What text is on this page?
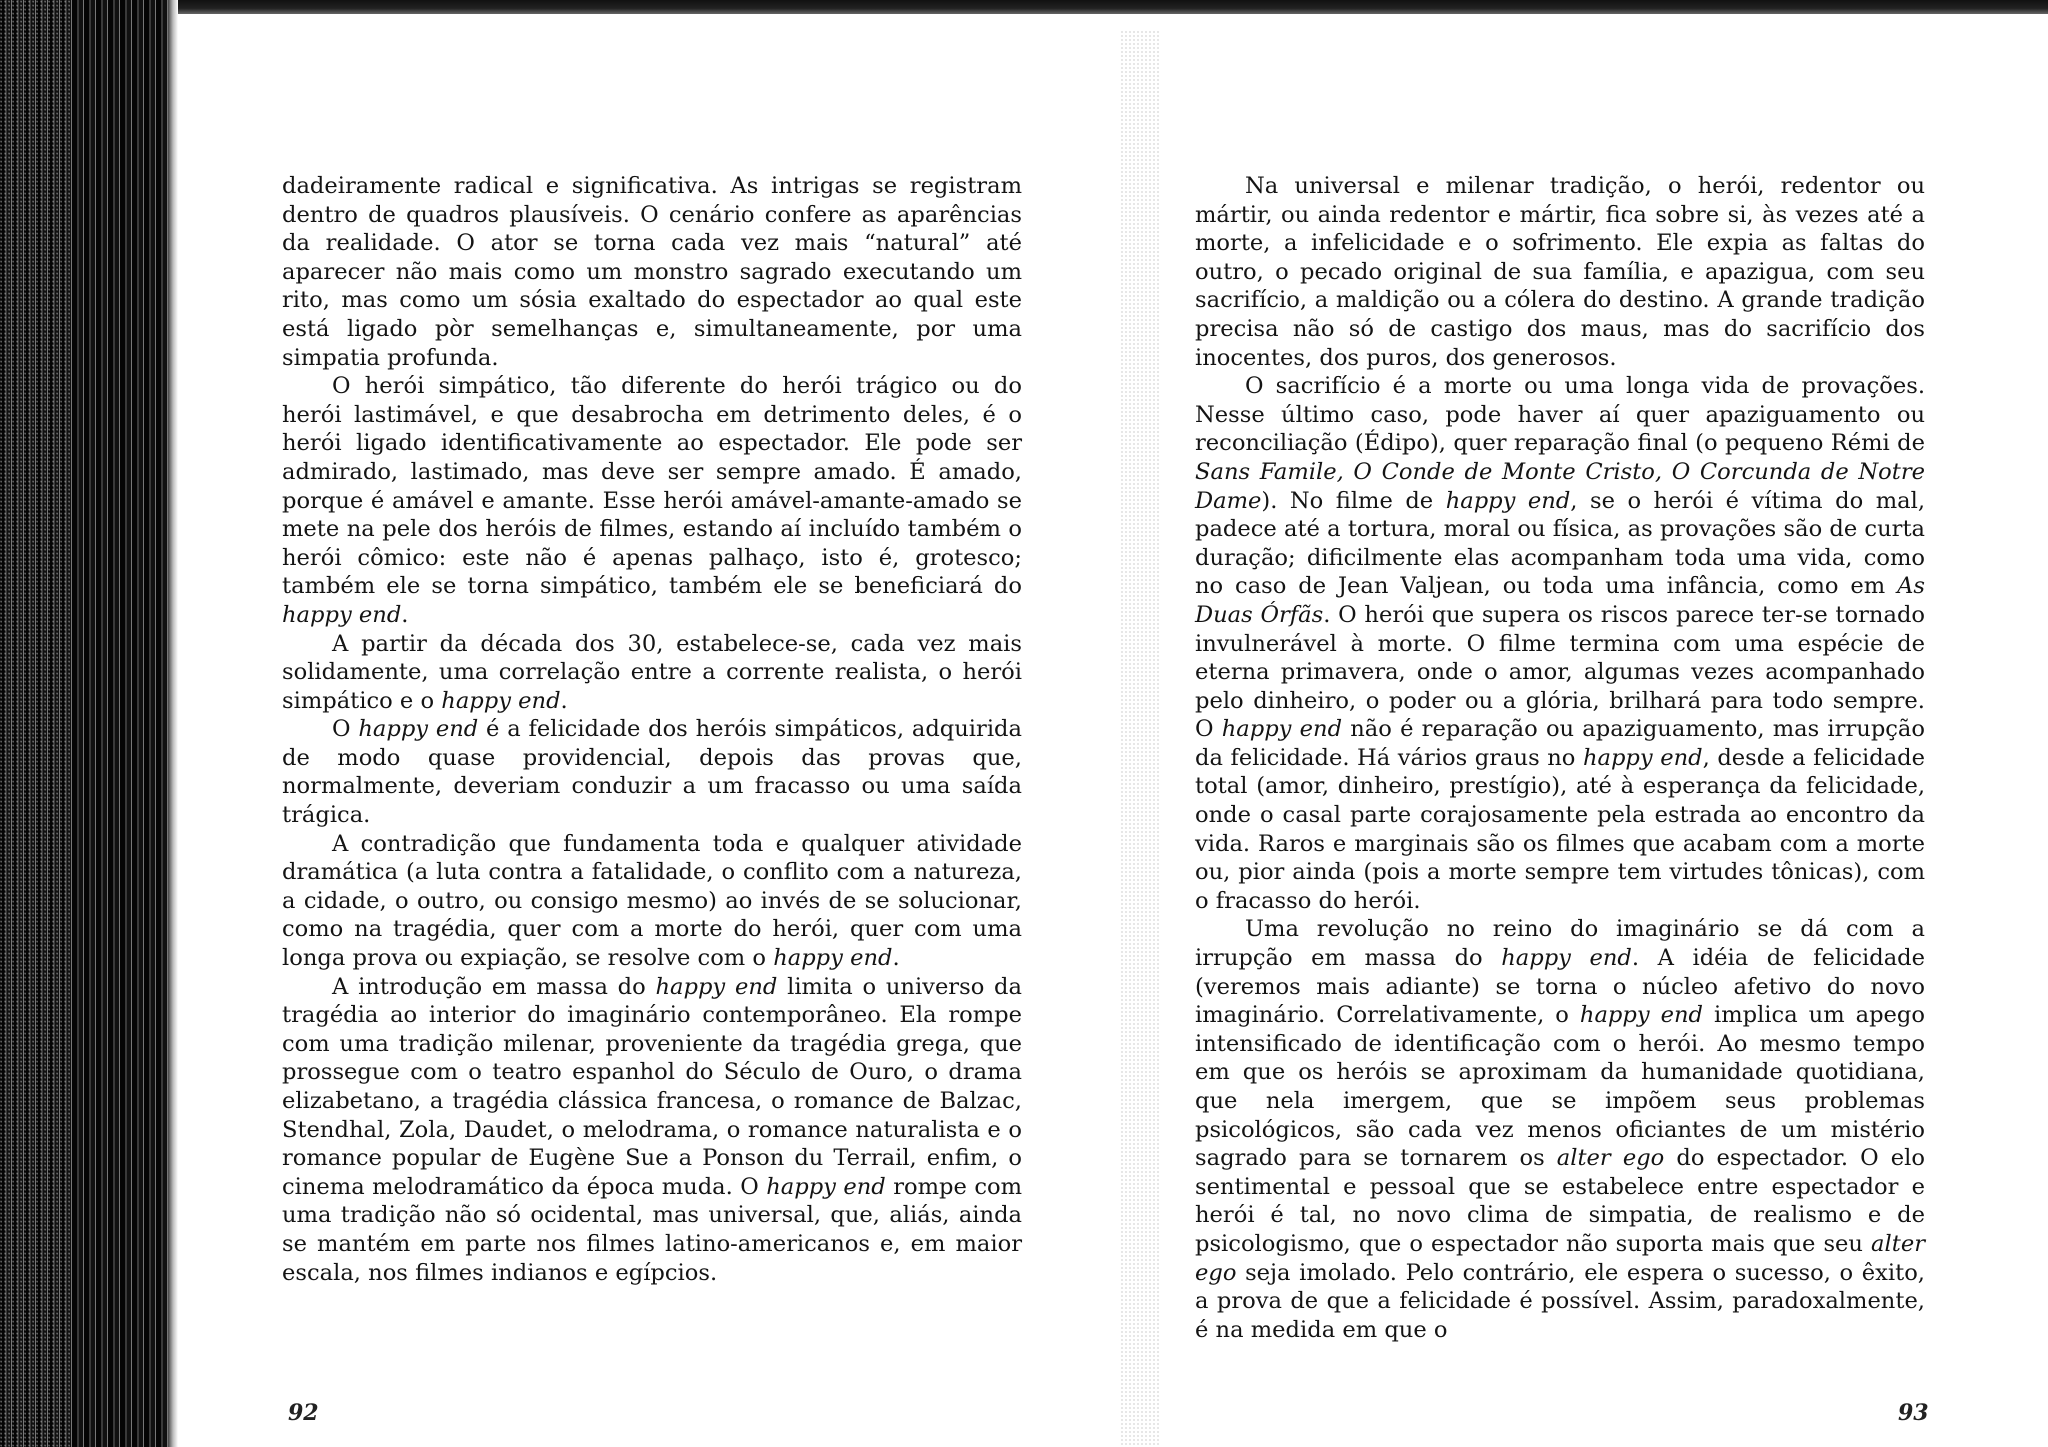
dadeiramente radical e significativa. As intrigas se registram dentro de quadros plausíveis. O cenário confere as aparências da realidade. O ator se torna cada vez mais “natural” até aparecer não mais como um monstro sagrado executando um rito, mas como um sósia exaltado do espectador ao qual este está ligado pòr semelhanças e, simultaneamente, por uma simpatia profunda.

O herói simpático, tão diferente do herói trágico ou do herói lastimável, e que desabrocha em detrimento deles, é o herói ligado identificativamente ao espectador. Ele pode ser admirado, lastimado, mas deve ser sempre amado. É amado, porque é amável e amante. Esse herói amável-amante-amado se mete na pele dos heróis de filmes, estando aí incluído também o herói cômico: este não é apenas palhaço, isto é, grotesco; também ele se torna simpático, também ele se beneficiará do happy end.

A partir da década dos 30, estabelece-se, cada vez mais solidamente, uma correlação entre a corrente realista, o herói simpático e o happy end.

O happy end é a felicidade dos heróis simpáticos, adquirida de modo quase providencial, depois das provas que, normalmente, deveriam conduzir a um fracasso ou uma saída trágica.

A contradição que fundamenta toda e qualquer atividade dramática (a luta contra a fatalidade, o conflito com a natureza, a cidade, o outro, ou consigo mesmo) ao invés de se solucionar, como na tragédia, quer com a morte do herói, quer com uma longa prova ou expiação, se resolve com o happy end.

A introdução em massa do happy end limita o universo da tragédia ao interior do imaginário contemporâneo. Ela rompe com uma tradição milenar, proveniente da tragédia grega, que prossegue com o teatro espanhol do Século de Ouro, o drama elizabetano, a tragédia clássica francesa, o romance de Balzac, Stendhal, Zola, Daudet, o melodrama, o romance naturalista e o romance popular de Eugène Sue a Ponson du Terrail, enfim, o cinema melodramático da época muda. O happy end rompe com uma tradição não só ocidental, mas universal, que, aliás, ainda se mantém em parte nos filmes latino-americanos e, em maior escala, nos filmes indianos e egípcios.

92

Na universal e milenar tradição, o herói, redentor ou mártir, ou ainda redentor e mártir, fica sobre si, às vezes até a morte, a infelicidade e o sofrimento. Ele expia as faltas do outro, o pecado original de sua família, e apazigua, com seu sacrifício, a maldição ou a cólera do destino. A grande tradição precisa não só de castigo dos maus, mas do sacrifício dos inocentes, dos puros, dos generosos.

O sacrifício é a morte ou uma longa vida de provações. Nesse último caso, pode haver aí quer apaziguamento ou reconciliação (Édipo), quer reparação final (o pequeno Rémi de Sans Famile, O Conde de Monte Cristo, O Corcunda de Notre Dame). No filme de happy end, se o herói é vítima do mal, padece até a tortura, moral ou física, as provações são de curta duração; dificilmente elas acompanham toda uma vida, como no caso de Jean Valjean, ou toda uma infância, como em As Duas Órfãs. O herói que supera os riscos parece ter-se tornado invulnerável à morte. O filme termina com uma espécie de eterna primavera, onde o amor, algumas vezes acompanhado pelo dinheiro, o poder ou a glória, brilhará para todo sempre. O happy end não é reparação ou apaziguamento, mas irrupção da felicidade. Há vários graus no happy end, desde a felicidade total (amor, dinheiro, prestígio), até à esperança da felicidade, onde o casal parte corajosamente pela estrada ao encontro da vida. Raros e marginais são os filmes que acabam com a morte ou, pior ainda (pois a morte sempre tem virtudes tônicas), com o fracasso do herói.

Uma revolução no reino do imaginário se dá com a irrupção em massa do happy end. A idéia de felicidade (veremos mais adiante) se torna o núcleo afetivo do novo imaginário. Correlativamente, o happy end implica um apego intensificado de identificação com o herói. Ao mesmo tempo em que os heróis se aproximam da humanidade quotidiana, que nela imergem, que se impõem seus problemas psicológicos, são cada vez menos oficiantes de um mistério sagrado para se tornarem os alter ego do espectador. O elo sentimental e pessoal que se estabelece entre espectador e herói é tal, no novo clima de simpatia, de realismo e de psicologismo, que o espectador não suporta mais que seu alter ego seja imolado. Pelo contrário, ele espera o sucesso, o êxito, a prova de que a felicidade é possível. Assim, paradoxalmente, é na medida em que o

93
